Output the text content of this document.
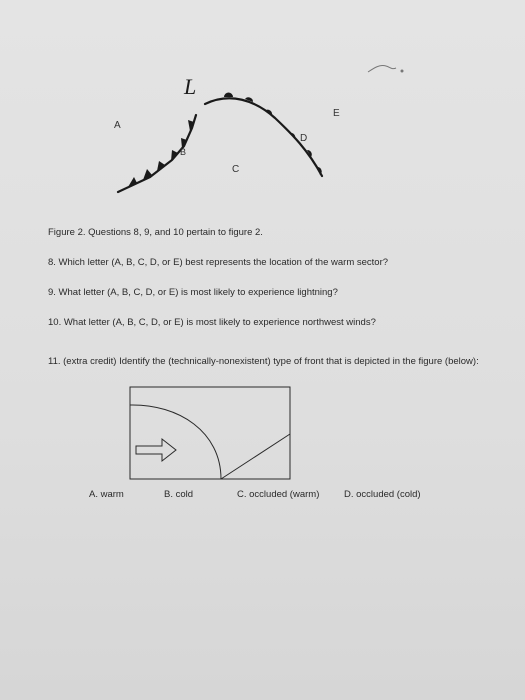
L
A
B
C
D
E
Figure 2. Questions 8, 9, and 10 pertain to figure 2.
8. Which letter (A, B, C, D, or E) best represents the location of the warm sector?
9. What letter (A, B, C, D, or E) is most likely to experience lightning?
10. What letter (A, B, C, D, or E) is most likely to experience northwest winds?
11. (extra credit) Identify the (technically-nonexistent) type of front that is depicted in the figure (below):
A. warm	B. cold	C. occluded (warm)	D. occluded (cold)
